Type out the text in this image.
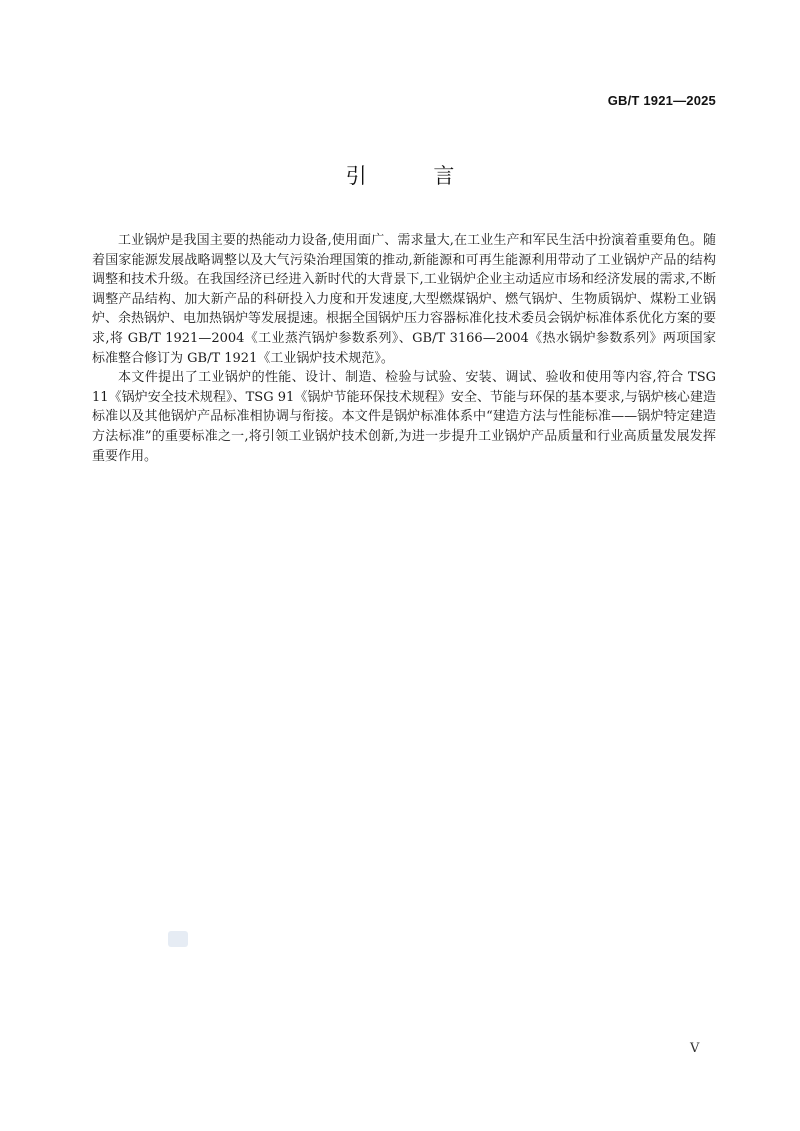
GB/T 1921—2025
引 言

工业锅炉是我国主要的热能动力设备,使用面广、需求量大,在工业生产和军民生活中扮演着重要角色。随着国家能源发展战略调整以及大气污染治理国策的推动,新能源和可再生能源利用带动了工业锅炉产品的结构调整和技术升级。在我国经济已经进入新时代的大背景下,工业锅炉企业主动适应市场和经济发展的需求,不断调整产品结构、加大新产品的科研投入力度和开发速度,大型燃煤锅炉、燃气锅炉、生物质锅炉、煤粉工业锅炉、余热锅炉、电加热锅炉等发展提速。根据全国锅炉压力容器标准化技术委员会锅炉标准体系优化方案的要求,将 GB/T 1921—2004《工业蒸汽锅炉参数系列》、GB/T 3166—2004《热水锅炉参数系列》两项国家标准整合修订为 GB/T 1921《工业锅炉技术规范》。

本文件提出了工业锅炉的性能、设计、制造、检验与试验、安装、调试、验收和使用等内容,符合 TSG 11《锅炉安全技术规程》、TSG 91《锅炉节能环保技术规程》安全、节能与环保的基本要求,与锅炉核心建造标准以及其他锅炉产品标准相协调与衔接。本文件是锅炉标准体系中“建造方法与性能标准——锅炉特定建造方法标准”的重要标准之一,将引领工业锅炉技术创新,为进一步提升工业锅炉产品质量和行业高质量发展发挥重要作用。

V
